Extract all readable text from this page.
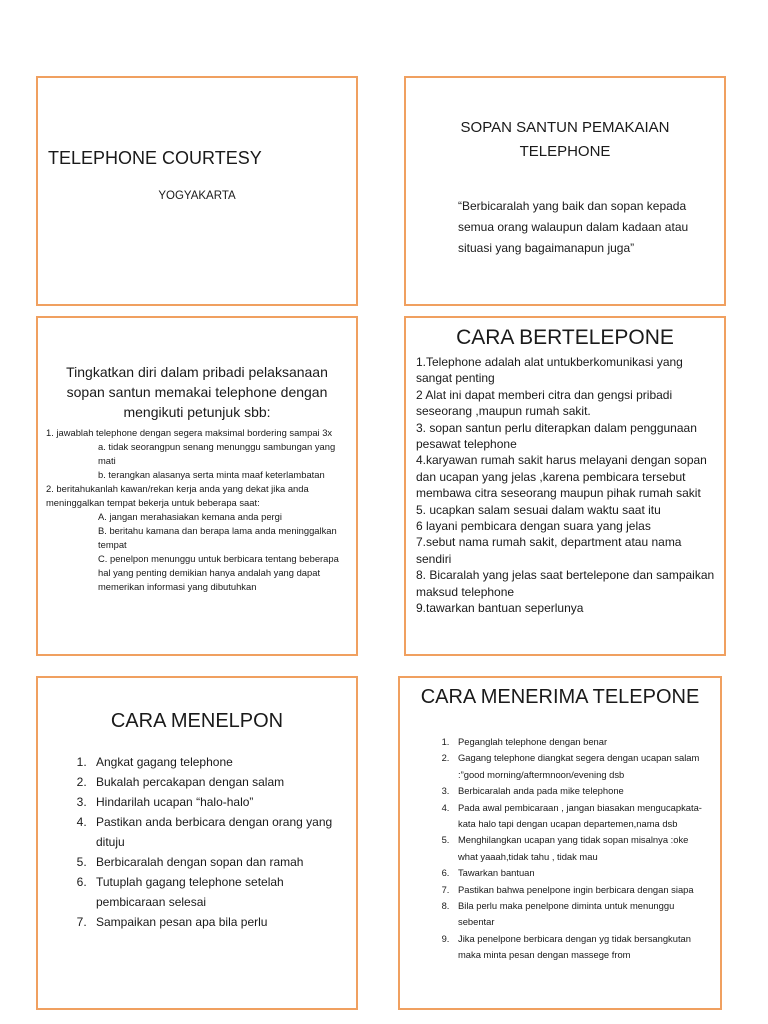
TELEPHONE COURTESY
YOGYAKARTA
SOPAN SANTUN PEMAKAIAN TELEPHONE
“Berbicaralah yang baik dan sopan kepada semua orang walaupun dalam kadaan atau situasi yang bagaimanapun juga”
Tingkatkan diri dalam pribadi pelaksanaan sopan santun memakai telephone dengan mengikuti petunjuk sbb:
1. jawablah telephone dengan segera maksimal bordering sampai 3x
a. tidak seorangpun senang menunggu sambungan yang mati
b. terangkan alasanya serta minta maaf keterlambatan
2. beritahukanlah kawan/rekan kerja anda yang dekat jika anda meninggalkan tempat bekerja untuk beberapa saat:
A. jangan merahasiakan kemana anda pergi
B. beritahu kamana dan berapa lama anda meninggalkan tempat
C. penelpon menunggu untuk berbicara tentang beberapa hal yang penting demikian hanya andalah yang dapat memerikan informasi yang dibutuhkan
CARA BERTELEPONE
1.Telephone adalah alat untukberkomunikasi yang sangat penting
2 Alat ini dapat memberi citra dan gengsi pribadi seseorang ,maupun rumah sakit.
3. sopan santun perlu diterapkan dalam penggunaan pesawat telephone
4.karyawan rumah sakit harus melayani dengan sopan dan ucapan yang jelas ,karena pembicara tersebut membawa citra seseorang maupun pihak rumah sakit
5. ucapkan salam sesuai dalam waktu saat itu
6 layani pembicara dengan suara yang jelas
7.sebut nama rumah sakit, department atau nama sendiri
8. Bicaralah yang jelas saat bertelepone dan sampaikan maksud telephone
9.tawarkan bantuan seperlunya
CARA MENELPON
1. Angkat gagang telephone
2. Bukalah percakapan dengan salam
3. Hindarilah ucapan “halo-halo”
4. Pastikan anda berbicara dengan orang yang dituju
5. Berbicaralah dengan sopan dan ramah
6. Tutuplah gagang telephone setelah pembicaraan selesai
7. Sampaikan pesan apa bila perlu
CARA MENERIMA TELEPONE
1. Peganglah telephone dengan benar
2. Gagang telephone diangkat segera dengan ucapan salam :”good morning/aftermnoon/evening dsb
3. Berbicaralah anda pada mike telephone
4. Pada awal pembicaraan , jangan biasakan mengucapkata-kata halo tapi dengan ucapan departemen,nama dsb
5. Menghilangkan ucapan yang tidak sopan misalnya :oke what yaaah,tidak tahu , tidak mau
6. Tawarkan bantuan
7. Pastikan bahwa penelpone ingin berbicara dengan siapa
8. Bila perlu maka penelpone diminta untuk menunggu sebentar
9. Jika penelpone berbicara dengan yg tidak bersangkutan maka minta pesan dengan massege from
